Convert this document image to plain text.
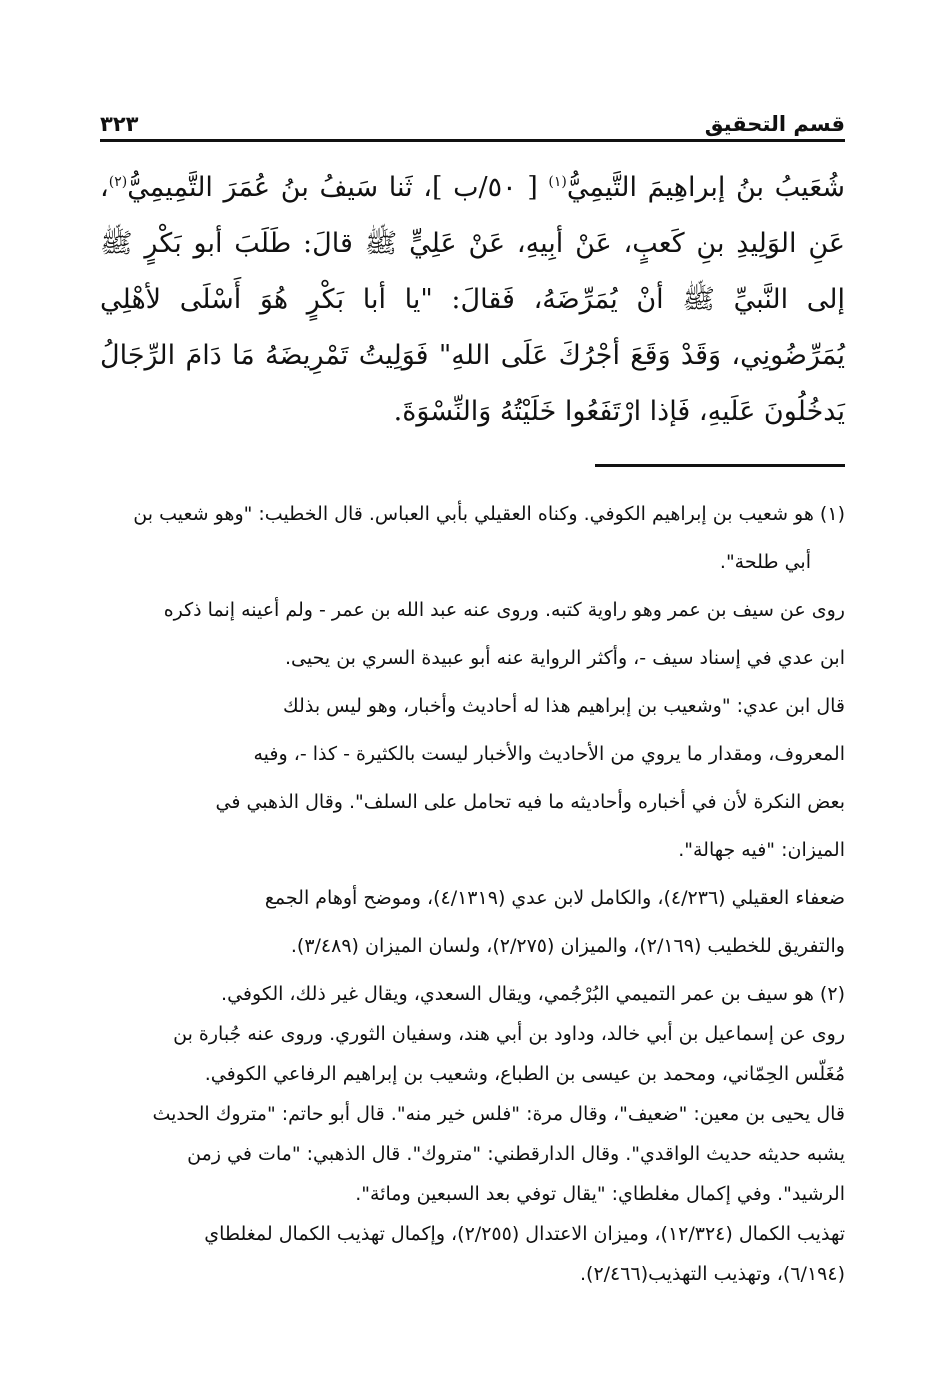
قسم التحقيق
٣٢٣

شُعَيبُ بنُ إبراهِيمَ التَّيمِيُّ$^{(١)}$ [ ٥٠/ب ]، ثَنا سَيفُ بنُ عُمَرَ التَّمِيمِيُّ$^{(٢)}$، عَنِ الوَلِيدِ بنِ كَعبٍ، عَنْ أبِيهِ، عَنْ عَلِيٍّ ﷺ قالَ: طَلَبَ أبو بَكْرٍ ﷺ إلى النَّبيِّ ﷺ أنْ يُمَرِّضَهُ، فَقالَ: "يا أبا بَكْرٍ هُوَ أَسْلَى لأهْلِي يُمَرِّضُونِي، وَقَدْ وَقَعَ أجْرُكَ عَلَى اللهِ" فَوَلِيتُ تَمْرِيضَهُ مَا دَامَ الرِّجَالُ يَدخُلُونَ عَلَيهِ، فَإذا ارْتَفَعُوا خَلَيْتُهُ وَالنِّسْوَةَ.

(١) هو شعيب بن إبراهيم الكوفي. وكناه العقيلي بأبي العباس. قال الخطيب: "وهو شعيب بن

أبي طلحة".

روى عن سيف بن عمر وهو راوية كتبه. وروى عنه عبد الله بن عمر - ولم أعينه إنما ذكره

ابن عدي في إسناد سيف -، وأكثر الرواية عنه أبو عبيدة السري بن يحيى.

قال ابن عدي: "وشعيب بن إبراهيم هذا له أحاديث وأخبار، وهو ليس بذلك

المعروف، ومقدار ما يروي من الأحاديث والأخبار ليست بالكثيرة - كذا -، وفيه

بعض النكرة لأن في أخباره وأحاديثه ما فيه تحامل على السلف". وقال الذهبي في

الميزان: "فيه جهالة".

ضعفاء العقيلي (٤/٢٣٦)، والكامل لابن عدي (٤/١٣١٩)، وموضح أوهام الجمع

والتفريق للخطيب (٢/١٦٩)، والميزان (٢/٢٧٥)، ولسان الميزان (٣/٤٨٩).

(٢) هو سيف بن عمر التميمي البُرْجُمي، ويقال السعدي، ويقال غير ذلك، الكوفي.

روى عن إسماعيل بن أبي خالد، وداود بن أبي هند، وسفيان الثوري. وروى عنه جُبارة بن

مُغَلّس الحِمّاني، ومحمد بن عيسى بن الطباع، وشعيب بن إبراهيم الرفاعي الكوفي.

قال يحيى بن معين: "ضعيف"، وقال مرة: "فلس خير منه". قال أبو حاتم: "متروك الحديث

يشبه حديثه حديث الواقدي". وقال الدارقطني: "متروك". قال الذهبي: "مات في زمن

الرشيد". وفي إكمال مغلطاي: "يقال توفي بعد السبعين ومائة".

تهذيب الكمال (١٢/٣٢٤)، وميزان الاعتدال (٢/٢٥٥)، وإكمال تهذيب الكمال لمغلطاي

(٦/١٩٤)، وتهذيب التهذيب(٢/٤٦٦).
